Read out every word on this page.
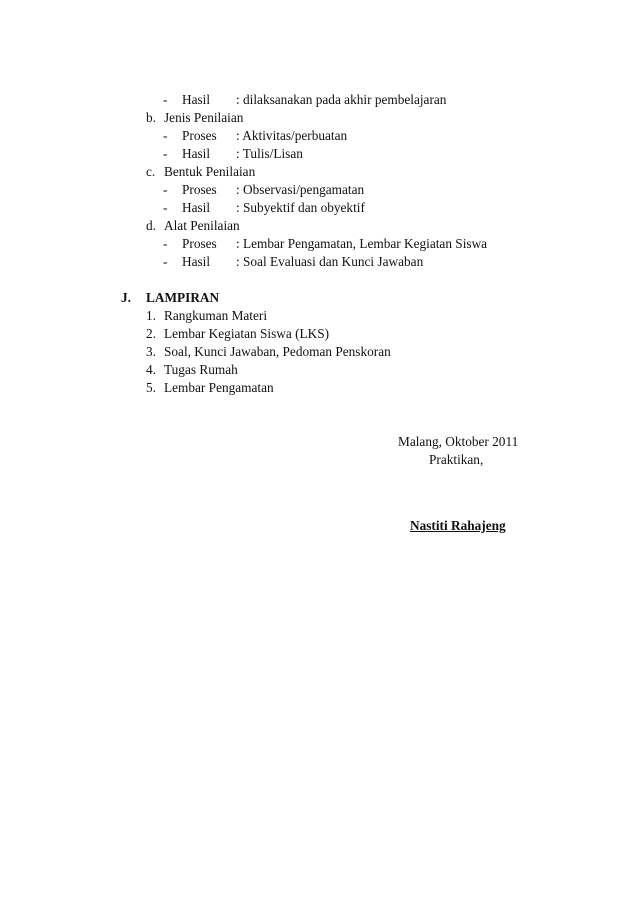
- Hasil : dilaksanakan pada akhir pembelajaran
b. Jenis Penilaian
- Proses : Aktivitas/perbuatan
- Hasil : Tulis/Lisan
c. Bentuk Penilaian
- Proses : Observasi/pengamatan
- Hasil : Subyektif dan obyektif
d. Alat Penilaian
- Proses : Lembar Pengamatan, Lembar Kegiatan Siswa
- Hasil : Soal Evaluasi dan Kunci Jawaban
J. LAMPIRAN
1. Rangkuman Materi
2. Lembar Kegiatan Siswa (LKS)
3. Soal, Kunci Jawaban, Pedoman Penskoran
4. Tugas Rumah
5. Lembar Pengamatan
Malang, Oktober 2011
Praktikan,
Nastiti Rahajeng
